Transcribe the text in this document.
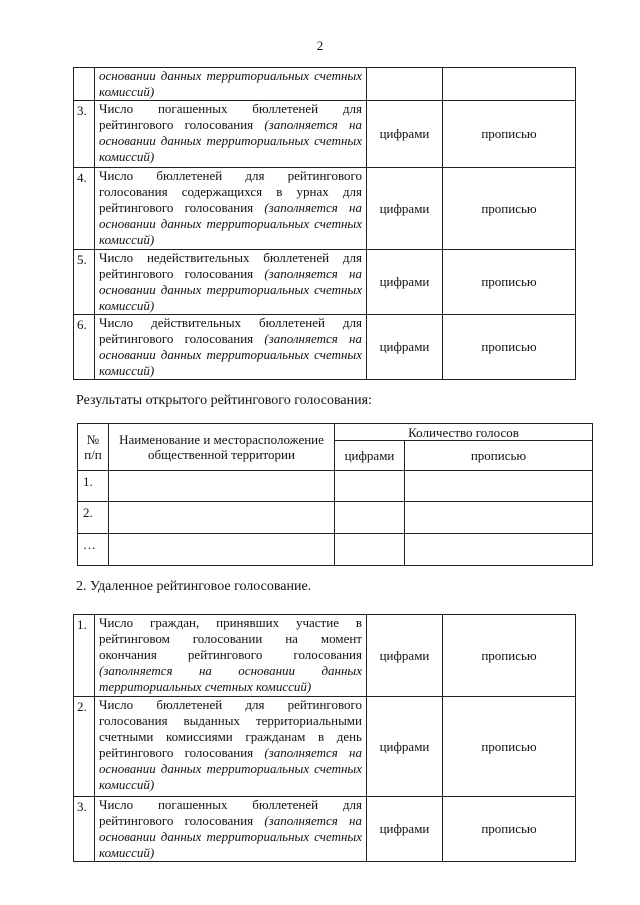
2
	основании данных территориальных счетных комиссий)		
3.	Число погашенных бюллетеней для рейтингового голосования (заполняется на основании данных территориальных счетных комиссий)	цифрами	прописью
4.	Число бюллетеней для рейтингового голосования содержащихся в урнах для рейтингового голосования (заполняется на основании данных территориальных счетных комиссий)	цифрами	прописью
5.	Число недействительных бюллетеней для рейтингового голосования (заполняется на основании данных территориальных счетных комиссий)	цифрами	прописью
6.	Число действительных бюллетеней для рейтингового голосования (заполняется на основании данных территориальных счетных комиссий)	цифрами	прописью
Результаты открытого рейтингового голосования:
№ п/п	Наименование и месторасположение общественной территории	Количество голосов	
		цифрами	прописью
1.			
2.			
…			
2. Удаленное рейтинговое голосование.
1.	Число граждан, принявших участие в рейтинговом голосовании на момент окончания рейтингового голосования (заполняется на основании данных территориальных счетных комиссий)	цифрами	прописью
2.	Число бюллетеней для рейтингового голосования выданных территориальными счетными комиссиями гражданам в день рейтингового голосования (заполняется на основании данных территориальных счетных комиссий)	цифрами	прописью
3.	Число погашенных бюллетеней для рейтингового голосования (заполняется на основании данных территориальных счетных комиссий)	цифрами	прописью
